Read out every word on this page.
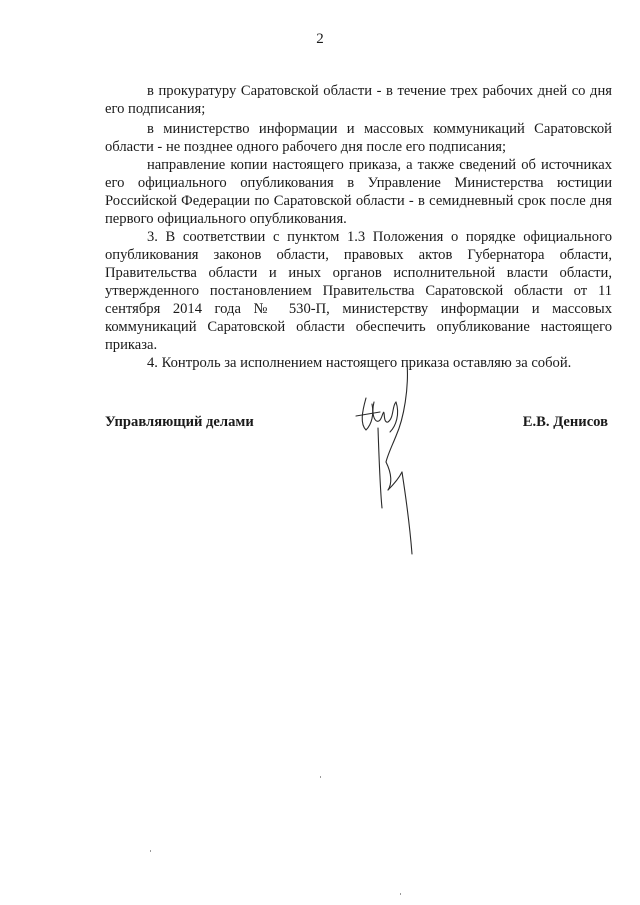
2

в прокуратуру Саратовской области - в течение трех рабочих дней со дня его подписания;

в министерство информации и массовых коммуникаций Саратовской области - не позднее одного рабочего дня после его подписания;

направление копии настоящего приказа, а также сведений об источниках его официального опубликования в Управление Министерства юстиции Российской Федерации по Саратовской области - в семидневный срок после дня первого официального опубликования.

3. В соответствии с пунктом 1.3 Положения о порядке официального опубликования законов области, правовых актов Губернатора области, Правительства области и иных органов исполнительной власти области, утвержденного постановлением Правительства Саратовской области от 11 сентября 2014 года № 530-П, министерству информации и массовых коммуникаций Саратовской области обеспечить опубликование настоящего приказа.

4. Контроль за исполнением настоящего приказа оставляю за собой.

Управляющий делами	Е.В. Денисов
